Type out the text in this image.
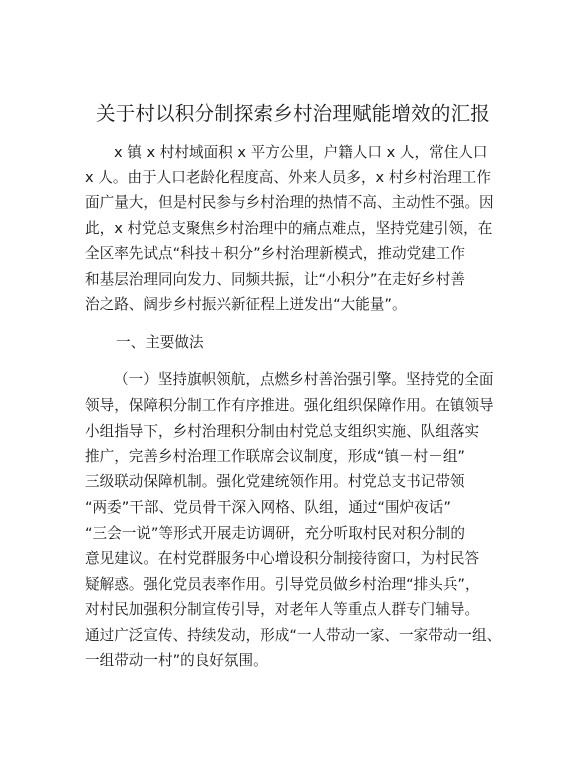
关于村以积分制探索乡村治理赋能增效的汇报
x 镇 x 村村域面积 x 平方公里，户籍人口 x 人，常住人口
x 人。由于人口老龄化程度高、外来人员多，x 村乡村治理工作
面广量大，但是村民参与乡村治理的热情不高、主动性不强。因
此，x 村党总支聚焦乡村治理中的痛点难点，坚持党建引领，在
全区率先试点“科技＋积分”乡村治理新模式，推动党建工作
和基层治理同向发力、同频共振，让“小积分”在走好乡村善
治之路、阔步乡村振兴新征程上迸发出“大能量”。
一、主要做法
（一）坚持旗帜领航，点燃乡村善治强引擎。坚持党的全面
领导，保障积分制工作有序推进。强化组织保障作用。在镇领导
小组指导下，乡村治理积分制由村党总支组织实施、队组落实
推广，完善乡村治理工作联席会议制度，形成“镇－村－组”
三级联动保障机制。强化党建统领作用。村党总支书记带领
“两委”干部、党员骨干深入网格、队组，通过“围炉夜话”
“三会一说”等形式开展走访调研，充分听取村民对积分制的
意见建议。在村党群服务中心增设积分制接待窗口，为村民答
疑解惑。强化党员表率作用。引导党员做乡村治理“排头兵”，
对村民加强积分制宣传引导，对老年人等重点人群专门辅导。
通过广泛宣传、持续发动，形成“一人带动一家、一家带动一组、
一组带动一村”的良好氛围。
